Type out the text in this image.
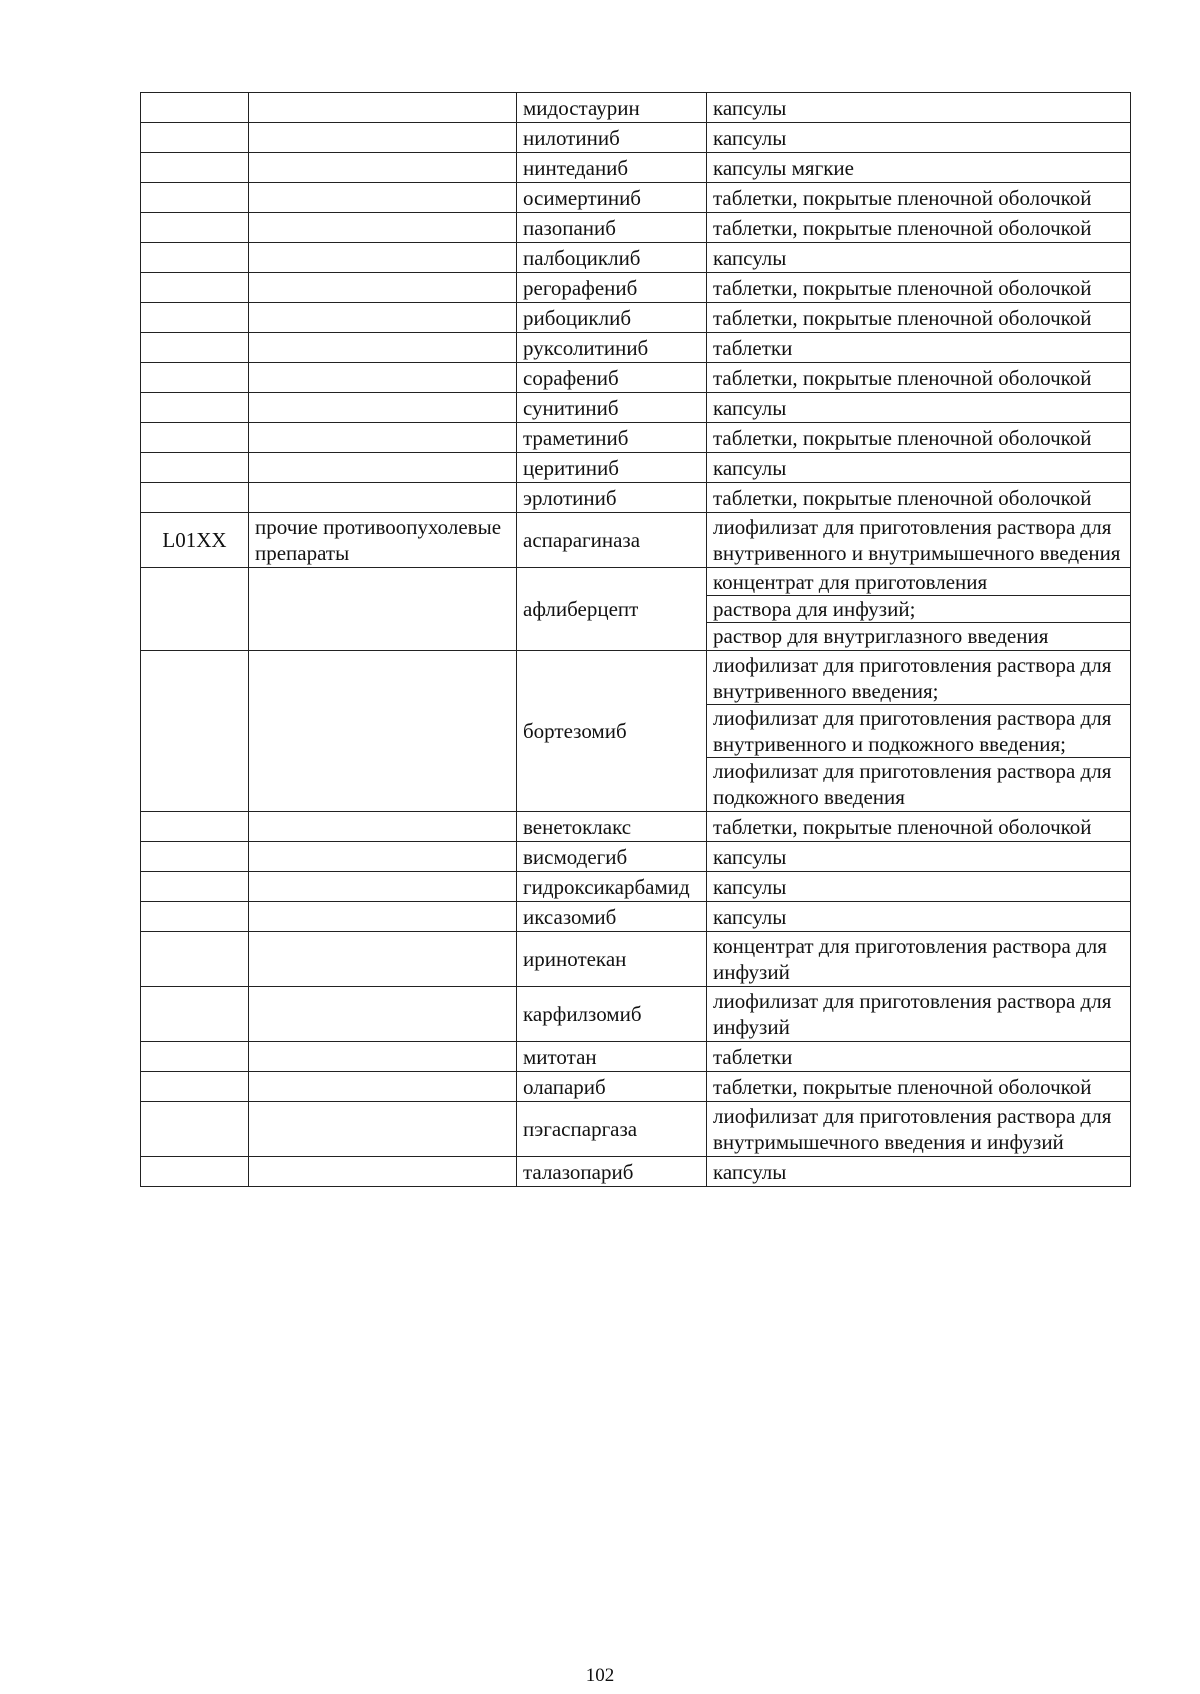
		мидостаурин	капсулы

		нилотиниб	капсулы

		нинтеданиб	капсулы мягкие

		осимертиниб	таблетки, покрытые пленочной оболочкой

		пазопаниб	таблетки, покрытые пленочной оболочкой

		палбоциклиб	капсулы

		регорафениб	таблетки, покрытые пленочной оболочкой

		рибоциклиб	таблетки, покрытые пленочной оболочкой

		руксолитиниб	таблетки

		сорафениб	таблетки, покрытые пленочной оболочкой

		сунитиниб	капсулы

		траметиниб	таблетки, покрытые пленочной оболочкой

		церитиниб	капсулы

		эрлотиниб	таблетки, покрытые пленочной оболочкой

L01XX	прочие противоопухолевые препараты	аспарагиназа	лиофилизат для приготовления раствора для внутривенного и внутримышечного введения

		афлиберцепт	концентрат для приготовления
раствора для инфузий;
раствор для внутриглазного введения

		бортезомиб	лиофилизат для приготовления раствора для внутривенного введения;
лиофилизат для приготовления раствора для внутривенного и подкожного введения;
лиофилизат для приготовления раствора для подкожного введения

		венетоклакс	таблетки, покрытые пленочной оболочкой

		висмодегиб	капсулы

		гидроксикарбамид	капсулы

		иксазомиб	капсулы

		иринотекан	концентрат для приготовления раствора для инфузий

		карфилзомиб	лиофилизат для приготовления раствора для инфузий

		митотан	таблетки

		олапариб	таблетки, покрытые пленочной оболочкой

		пэгаспаргаза	лиофилизат для приготовления раствора для внутримышечного введения и инфузий

		талазопариб	капсулы
102
